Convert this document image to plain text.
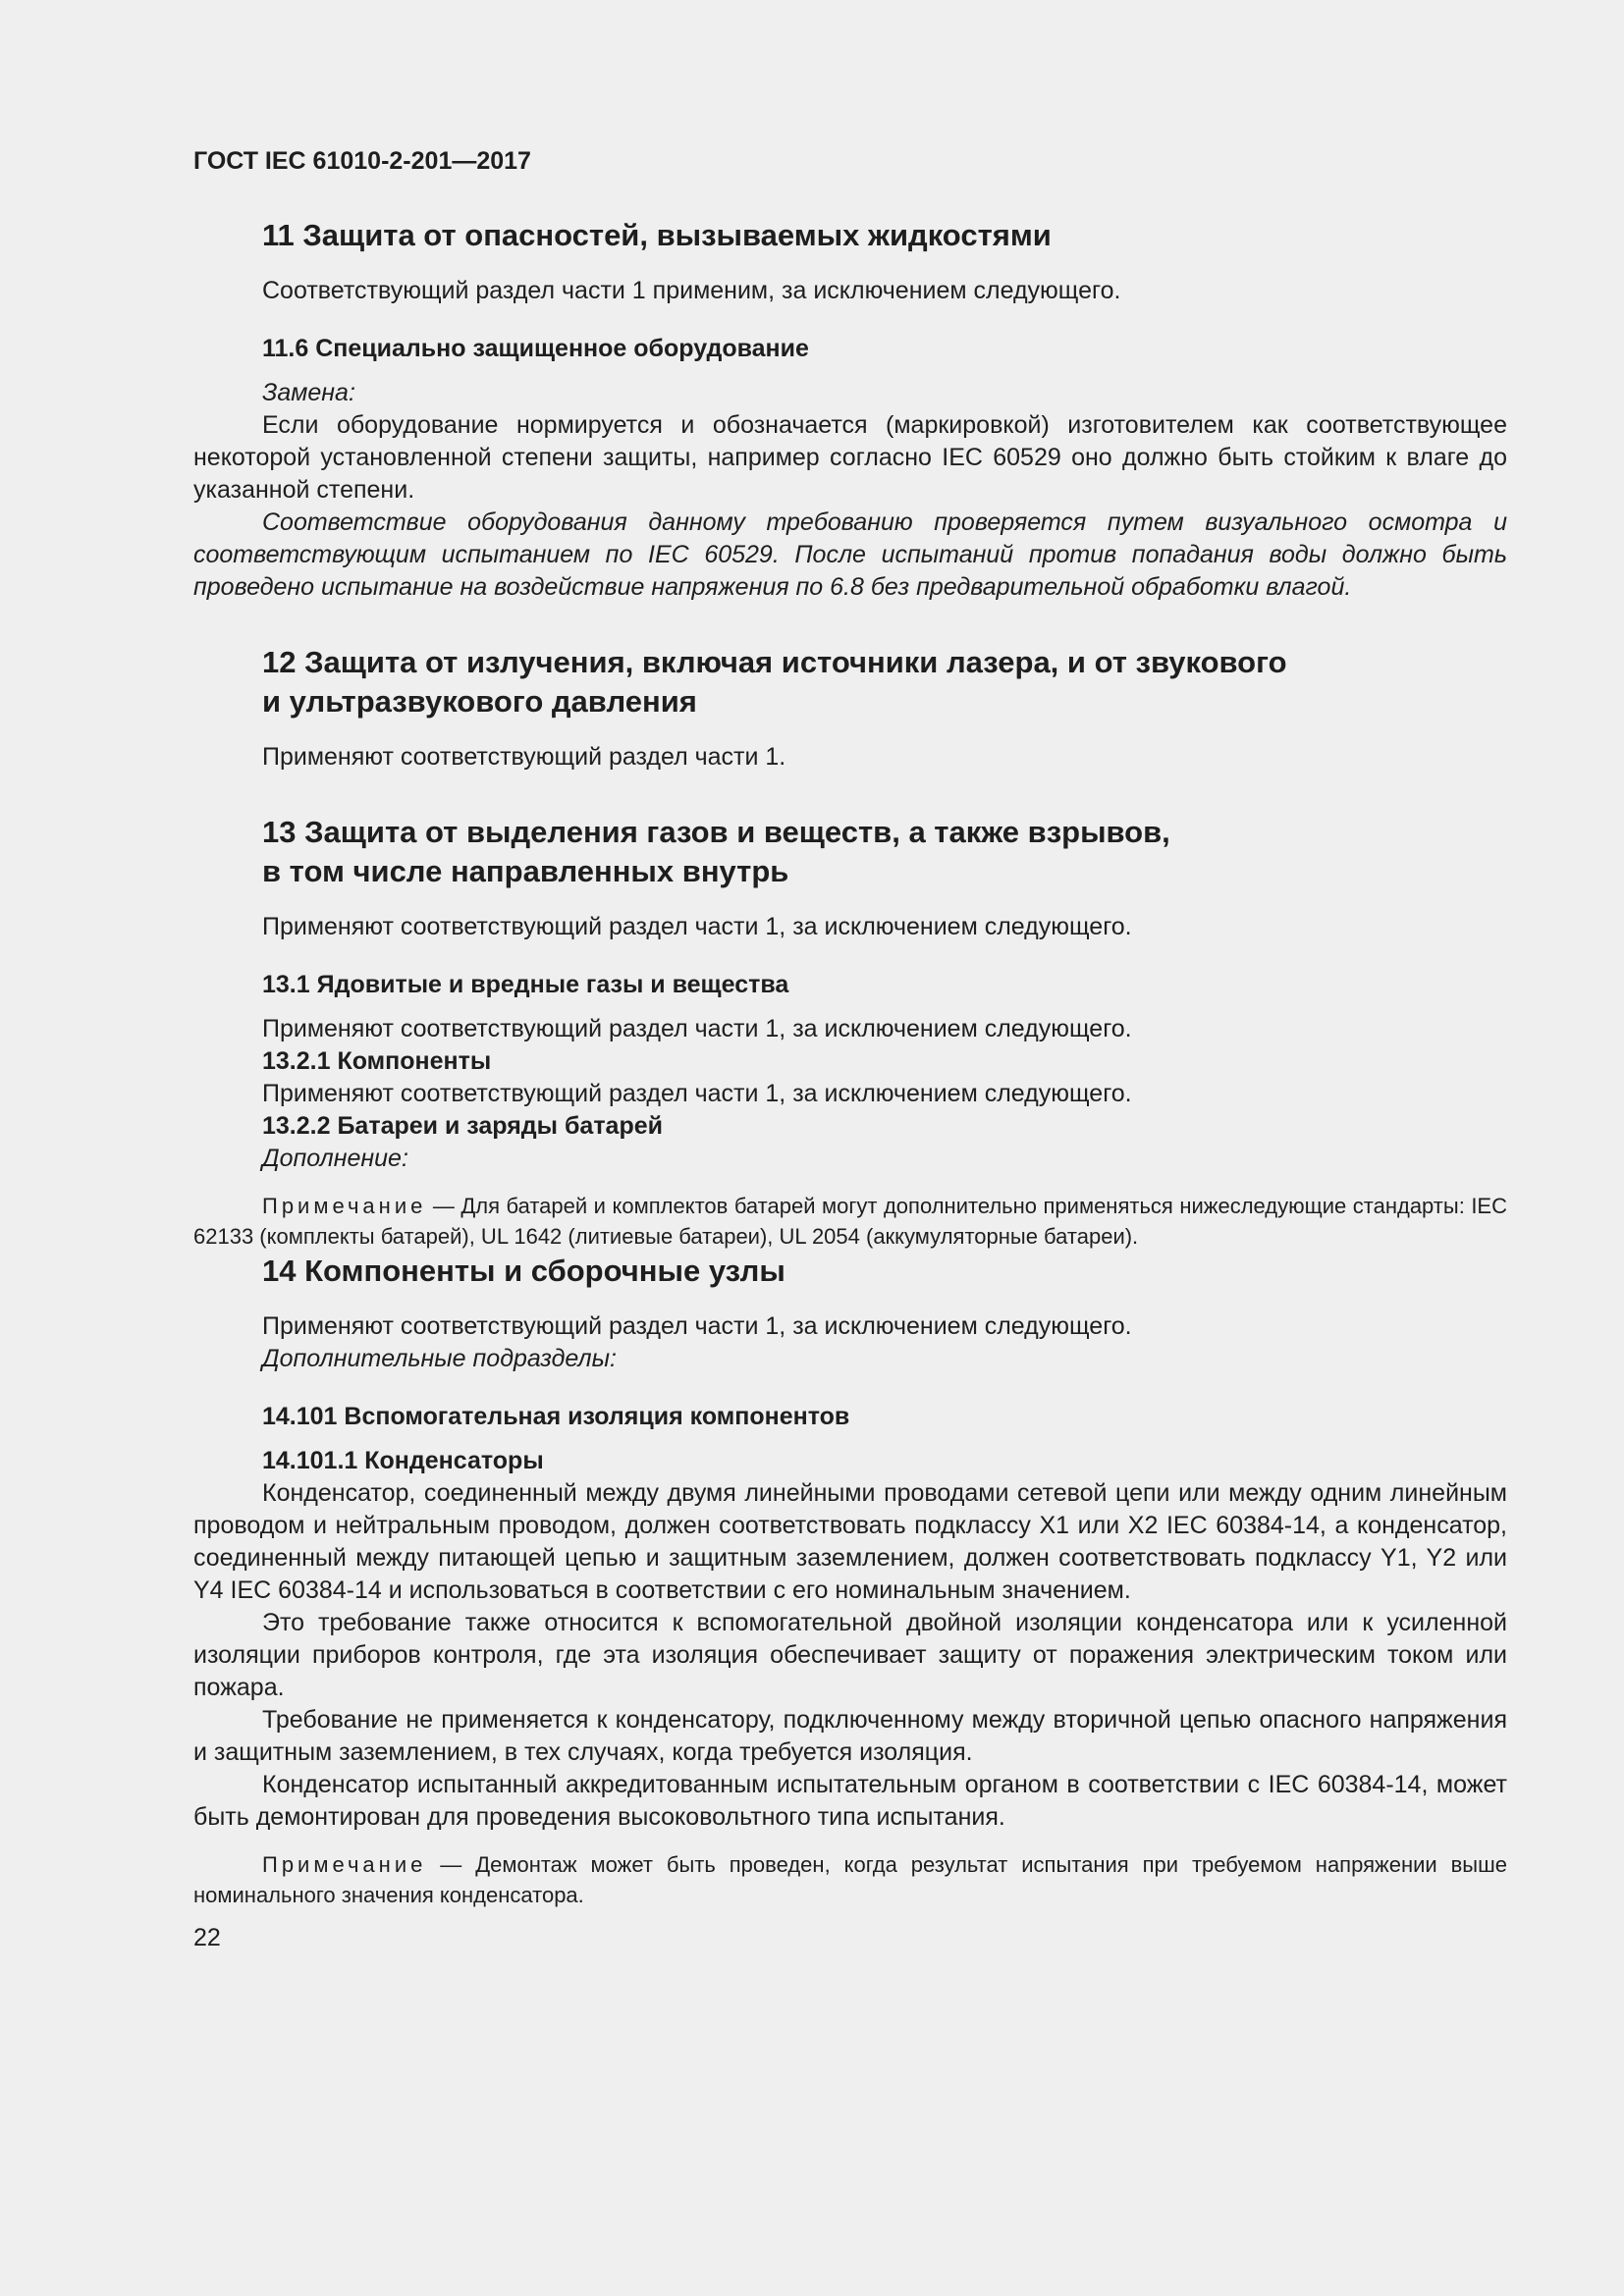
ГОСТ IEC 61010-2-201—2017
11 Защита от опасностей, вызываемых жидкостями

Соответствующий раздел части 1 применим, за исключением следующего.

11.6 Специально защищенное оборудование

Замена:

Если оборудование нормируется и обозначается (маркировкой) изготовителем как соответствующее некоторой установленной степени защиты, например согласно IEC 60529 оно должно быть стойким к влаге до указанной степени.

Соответствие оборудования данному требованию проверяется путем визуального осмотра и соответствующим испытанием по IEC 60529. После испытаний против попадания воды должно быть проведено испытание на воздействие напряжения по 6.8 без предварительной обработки влагой.

12 Защита от излучения, включая источники лазера, и от звукового
и ультразвукового давления

Применяют соответствующий раздел части 1.

13 Защита от выделения газов и веществ, а также взрывов,
в том числе направленных внутрь

Применяют соответствующий раздел части 1, за исключением следующего.

13.1 Ядовитые и вредные газы и вещества

Применяют соответствующий раздел части 1, за исключением следующего.

13.2.1 Компоненты

Применяют соответствующий раздел части 1, за исключением следующего.

13.2.2 Батареи и заряды батарей

Дополнение:

Примечание — Для батарей и комплектов батарей могут дополнительно применяться нижеследующие стандарты: IEC 62133 (комплекты батарей), UL 1642 (литиевые батареи), UL 2054 (аккумуляторные батареи).

14 Компоненты и сборочные узлы

Применяют соответствующий раздел части 1, за исключением следующего.

Дополнительные подразделы:

14.101 Вспомогательная изоляция компонентов
14.101.1 Конденсаторы

Конденсатор, соединенный между двумя линейными проводами сетевой цепи или между одним линейным проводом и нейтральным проводом, должен соответствовать подклассу X1 или X2 IEC 60384-14, а конденсатор, соединенный между питающей цепью и защитным заземлением, должен соответствовать подклассу Y1, Y2 или Y4 IEC 60384-14 и использоваться в соответствии с его номинальным значением.

Это требование также относится к вспомогательной двойной изоляции конденсатора или к усиленной изоляции приборов контроля, где эта изоляция обеспечивает защиту от поражения электрическим током или пожара.

Требование не применяется к конденсатору, подключенному между вторичной цепью опасного напряжения и защитным заземлением, в тех случаях, когда требуется изоляция.

Конденсатор испытанный аккредитованным испытательным органом в соответствии с IEC 60384-14, может быть демонтирован для проведения высоковольтного типа испытания.

Примечание — Демонтаж может быть проведен, когда результат испытания при требуемом напряжении выше номинального значения конденсатора.

22
